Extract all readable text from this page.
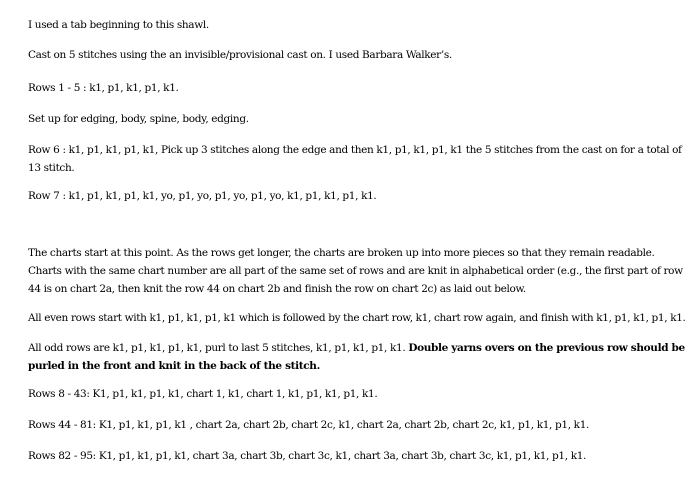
I used a tab beginning to this shawl.
Cast on 5 stitches using the an invisible/provisional cast on. I used Barbara Walker’s.
Rows 1 - 5 : k1, p1, k1, p1, k1.
Set up for edging, body, spine, body, edging.
Row 6 : k1, p1, k1, p1, k1, Pick up 3 stitches along the edge and then k1, p1, k1, p1, k1 the 5 stitches from the cast on for a total of 13 stitch.
Row 7 : k1, p1, k1, p1, k1, yo, p1, yo, p1, yo, p1, yo, k1, p1, k1, p1, k1.
The charts start at this point. As the rows get longer, the charts are broken up into more pieces so that they remain readable. Charts with the same chart number are all part of the same set of rows and are knit in alphabetical order (e.g., the first part of row 44 is on chart 2a, then knit the row 44 on chart 2b and finish the row on chart 2c) as laid out below.
All even rows start with k1, p1, k1, p1, k1 which is followed by the chart row, k1, chart row again, and finish with k1, p1, k1, p1, k1.
All odd rows are k1, p1, k1, p1, k1, purl to last 5 stitches, k1, p1, k1, p1, k1. Double yarns overs on the previous row should be purled in the front and knit in the back of the stitch.
Rows 8 - 43: K1, p1, k1, p1, k1, chart 1, k1, chart 1, k1, p1, k1, p1, k1.
Rows 44 - 81: K1, p1, k1, p1, k1 , chart 2a, chart 2b, chart 2c, k1, chart 2a, chart 2b, chart 2c, k1, p1, k1, p1, k1.
Rows 82 - 95: K1, p1, k1, p1, k1, chart 3a, chart 3b, chart 3c, k1, chart 3a, chart 3b, chart 3c, k1, p1, k1, p1, k1.
